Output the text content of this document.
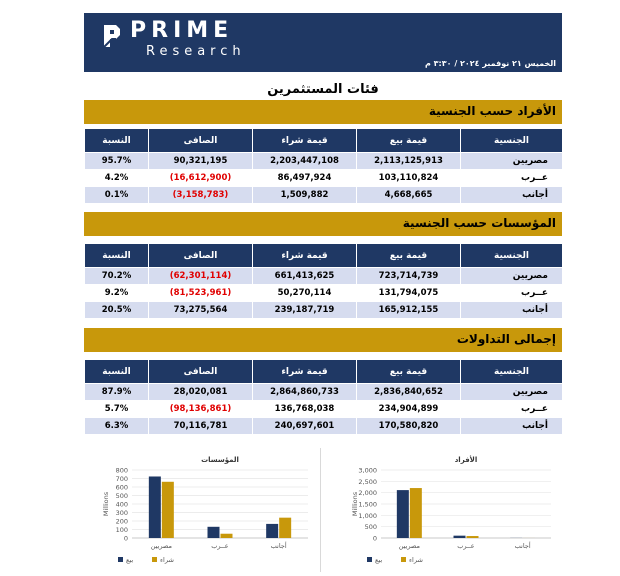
PRIME
Research
الخميس ٢١ نوفمبر ٢٠٢٤ / ٣:٣٠ م
فئات المستثمرين
الأفراد حسب الجنسية
النسبة	الصافى	قيمة شراء	قيمة بيع	الجنسية
95.7%	90,321,195	2,203,447,108	2,113,125,913	مصريين
4.2%	(16,612,900)	86,497,924	103,110,824	عــرب
0.1%	(3,158,783)	1,509,882	4,668,665	أجانب
المؤسسات حسب الجنسية
النسبة	الصافى	قيمة شراء	قيمة بيع	الجنسية
70.2%	(62,301,114)	661,413,625	723,714,739	مصريين
9.2%	(81,523,961)	50,270,114	131,794,075	عــرب
20.5%	73,275,564	239,187,719	165,912,155	أجانب
إجمالى التداولات
النسبة	الصافى	قيمة شراء	قيمة بيع	الجنسية
87.9%	28,020,081	2,864,860,733	2,836,840,652	مصريين
5.7%	(98,136,861)	136,768,038	234,904,899	عــرب
6.3%	70,116,781	240,697,601	170,580,820	أجانب
المؤسسات
Millions
0
100
200
300
400
500
600
700
800
مصريين	عــرب	أجانب
بيع	شراء
الأفراد
Millions
0
500
1,000
1,500
2,000
2,500
3,000
مصريين	عــرب	أجانب
بيع	شراء
